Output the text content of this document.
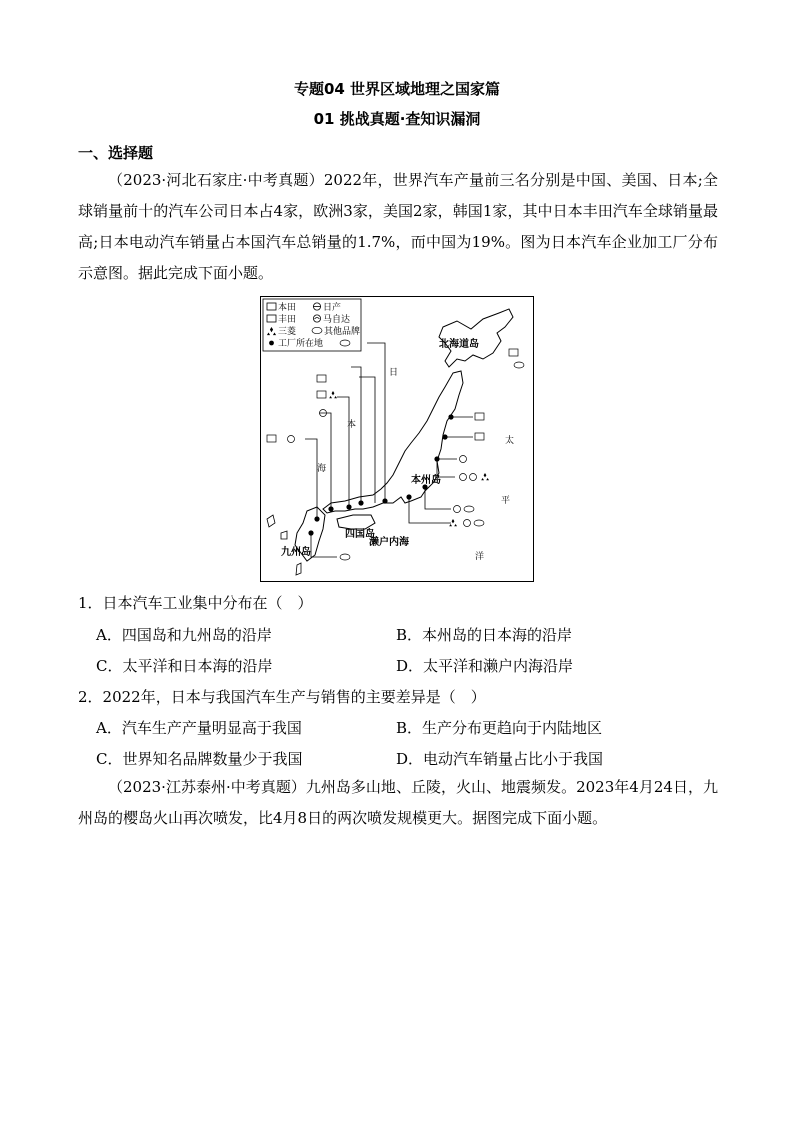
专题04 世界区域地理之国家篇
01 挑战真题·查知识漏洞
一、选择题
（2023·河北石家庄·中考真题）2022年，世界汽车产量前三名分别是中国、美国、日本;全球销量前十的汽车公司日本占4家，欧洲3家，美国2家，韩国1家，其中日本丰田汽车全球销量最高;日本电动汽车销量占本国汽车总销量的1.7%，而中国为19%。图为日本汽车企业加工厂分布示意图。据此完成下面小题。
本田	日产
丰田	马自达
三菱	其他品牌
工厂所在地	北海道岛
本州岛
四国岛
九州岛
濑户内海
日
本
海
太
平
洋
1．日本汽车工业集中分布在（　）
A．四国岛和九州岛的沿岸	B．本州岛的日本海的沿岸
C．太平洋和日本海的沿岸	D．太平洋和濑户内海沿岸
2．2022年，日本与我国汽车生产与销售的主要差异是（　）
A．汽车生产产量明显高于我国	B．生产分布更趋向于内陆地区
C．世界知名品牌数量少于我国	D．电动汽车销量占比小于我国
（2023·江苏泰州·中考真题）九州岛多山地、丘陵，火山、地震频发。2023年4月24日，九州岛的樱岛火山再次喷发，比4月8日的两次喷发规模更大。据图完成下面小题。
